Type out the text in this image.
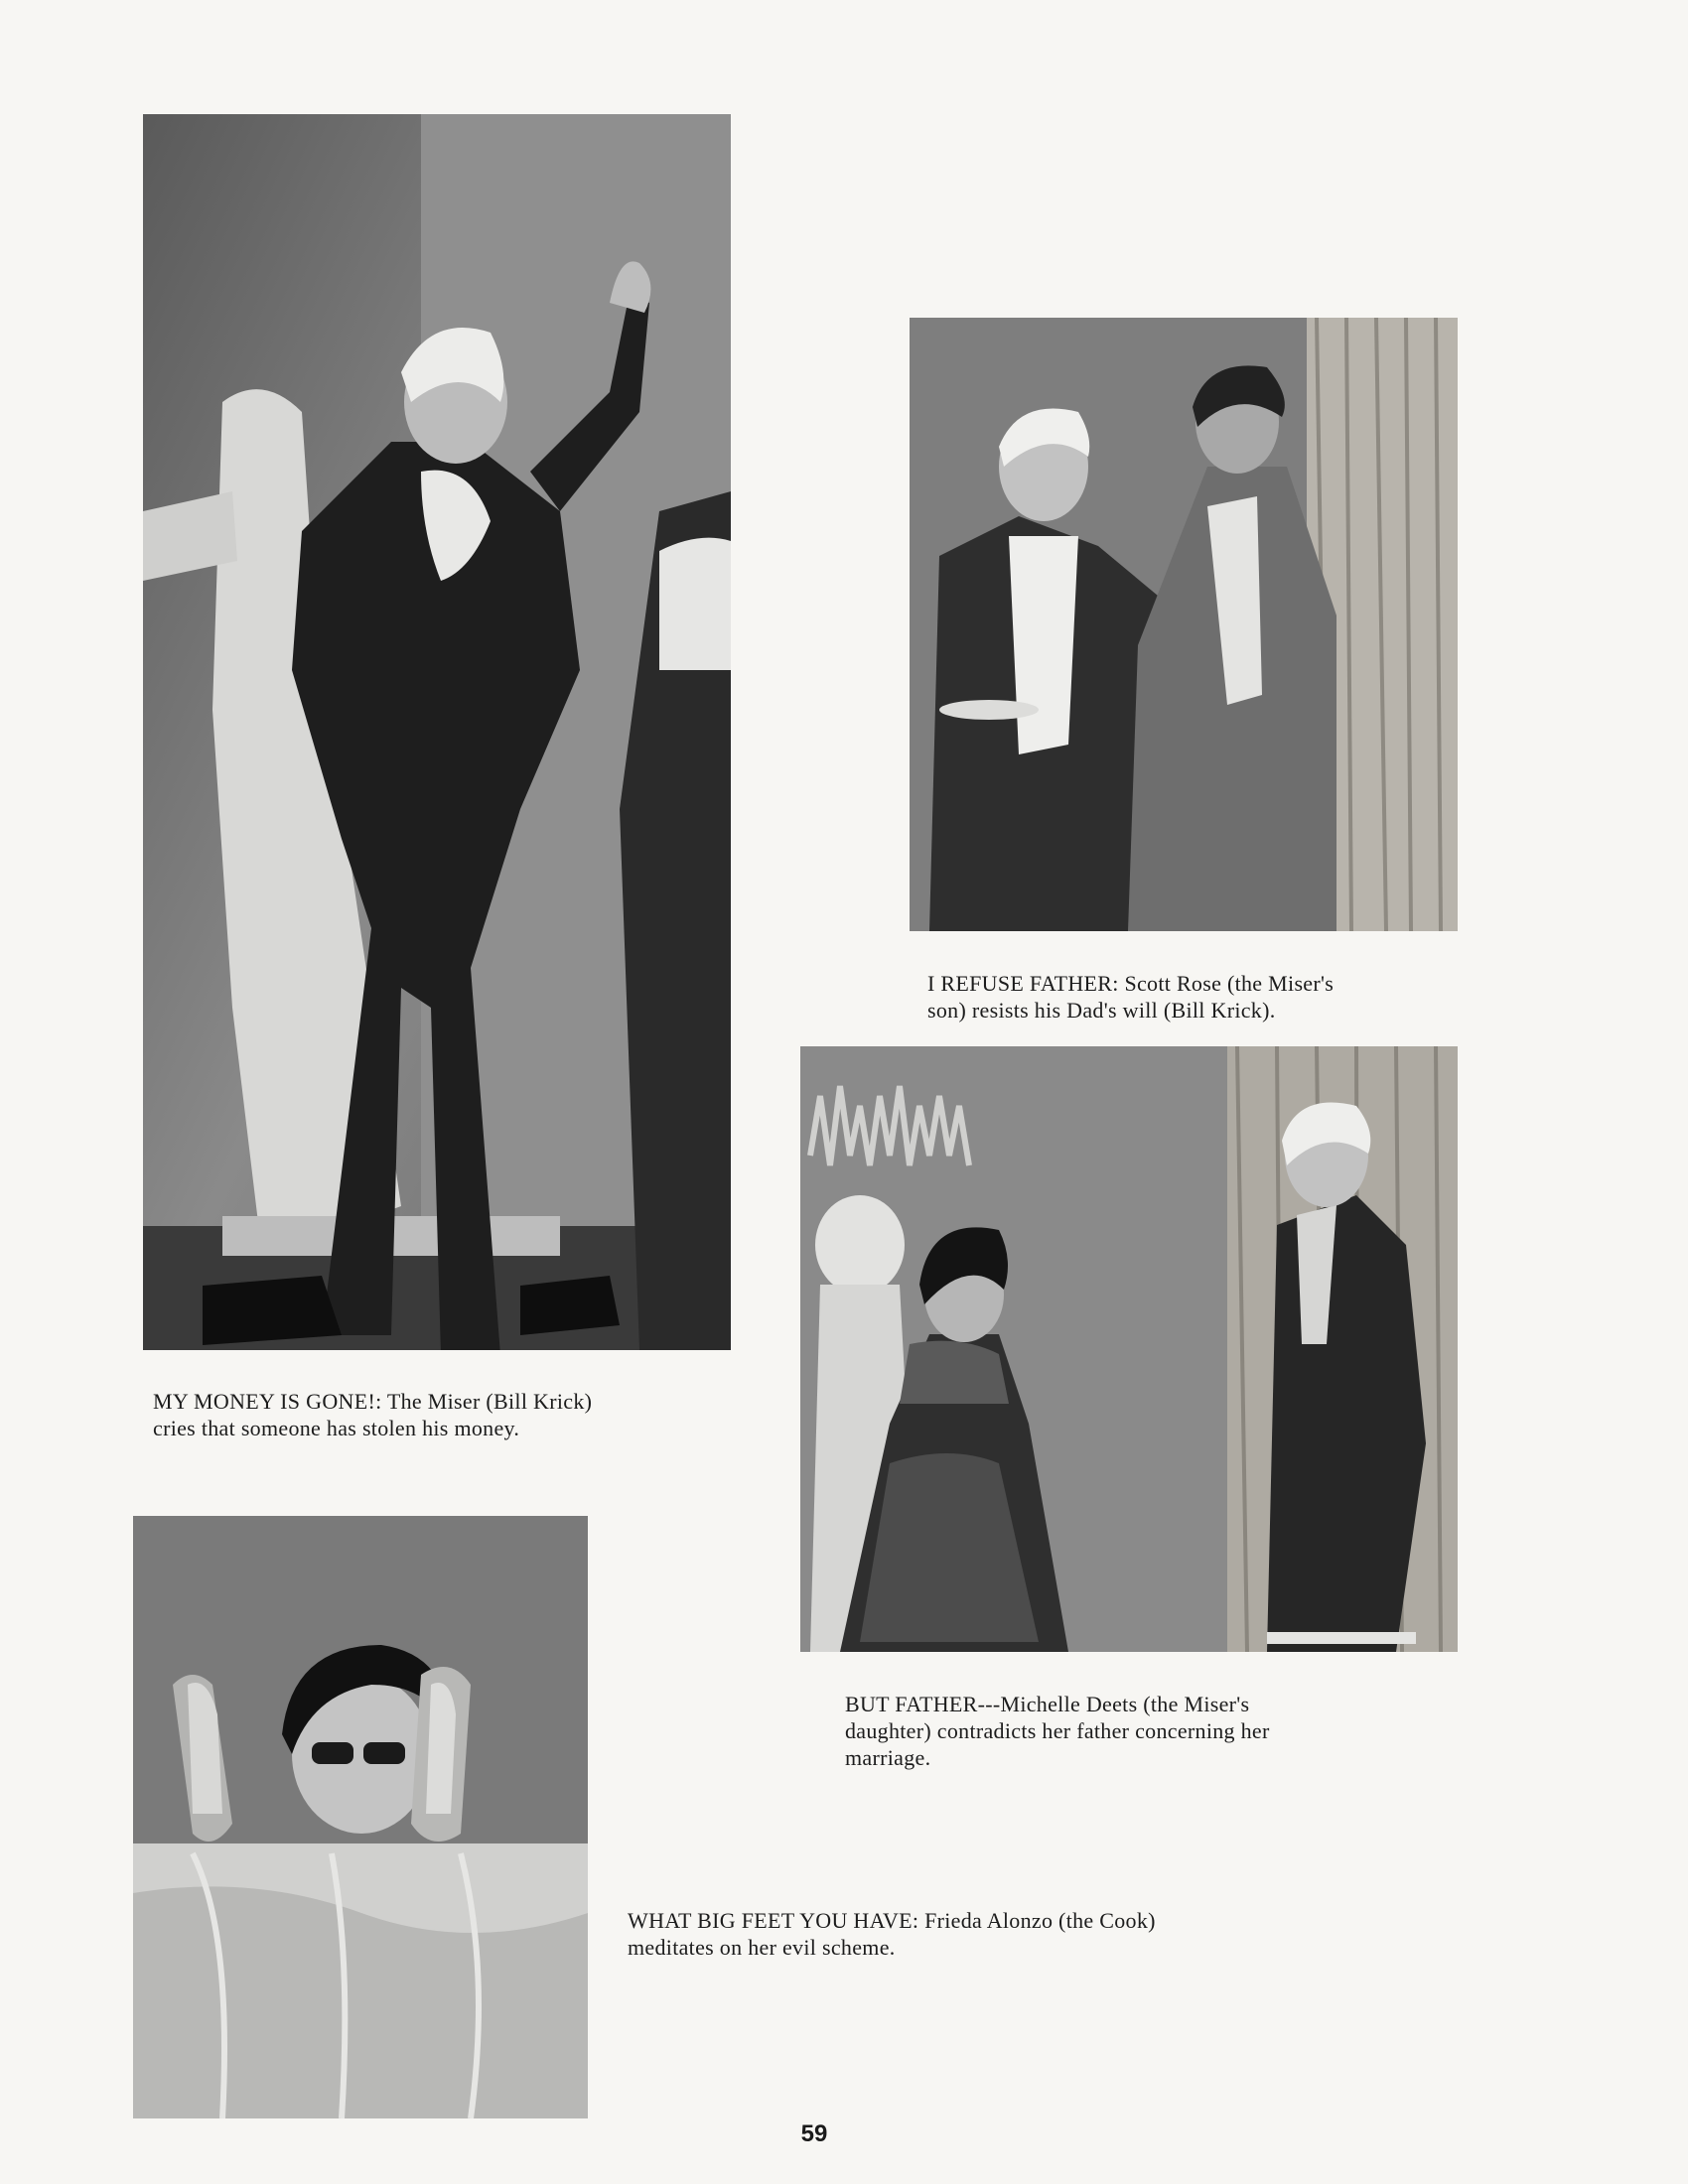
MY MONEY IS GONE!: The Miser (Bill Krick)
cries that someone has stolen his money.
I REFUSE FATHER: Scott Rose (the Miser's
son) resists his Dad's will (Bill Krick).
BUT FATHER---Michelle Deets (the Miser's
daughter) contradicts her father concerning her
marriage.
WHAT BIG FEET YOU HAVE: Frieda Alonzo (the Cook)
meditates on her evil scheme.
59
